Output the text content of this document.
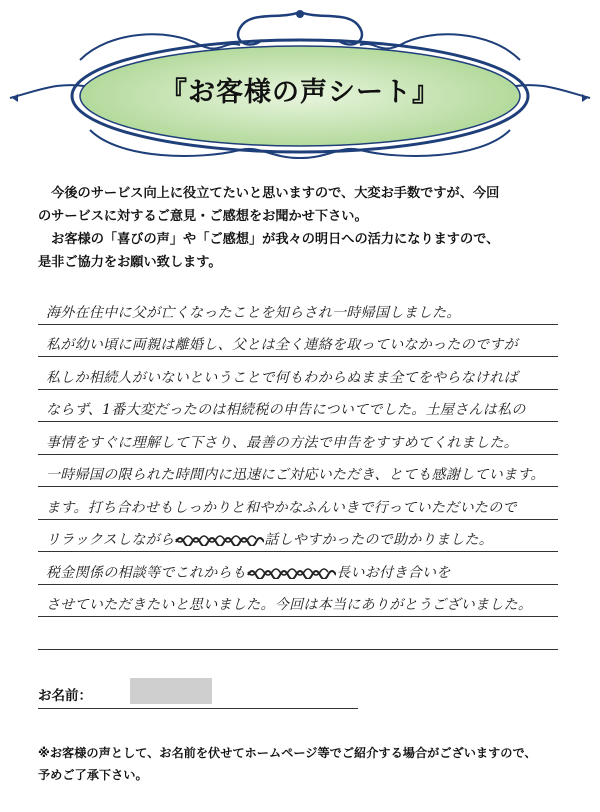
『お客様の声シート』

　今後のサービス向上に役立てたいと思いますので、大変お手数ですが、今回

のサービスに対するご意見・ご感想をお聞かせ下さい。

　お客様の「喜びの声」や「ご感想」が我々の明日への活力になりますので、

是非ご協力をお願い致します。

海外在住中に父が亡くなったことを知らされ一時帰国しました。
私が幼い頃に両親は離婚し、父とは全く連絡を取っていなかったのですが
私しか相続人がいないということで何もわからぬまま全てをやらなければ
ならず、1番大変だったのは相続税の申告についてでした。土屋さんは私の
事情をすぐに理解して下さり、最善の方法で申告をすすめてくれました。
一時帰国の限られた時間内に迅速にご対応いただき、とても感謝しています。
ます。打ち合わせもしっかりと和やかなふんいきで行っていただいたので
リラックスしながら	話しやすかったので助かりました。
税金関係の相談等でこれからも	長いお付き合いを
させていただきたいと思いました。今回は本当にありがとうございました。
お名前：
※お客様の声として、お名前を伏せてホームページ等でご紹介する場合がございますので、
予めご了承下さい。
